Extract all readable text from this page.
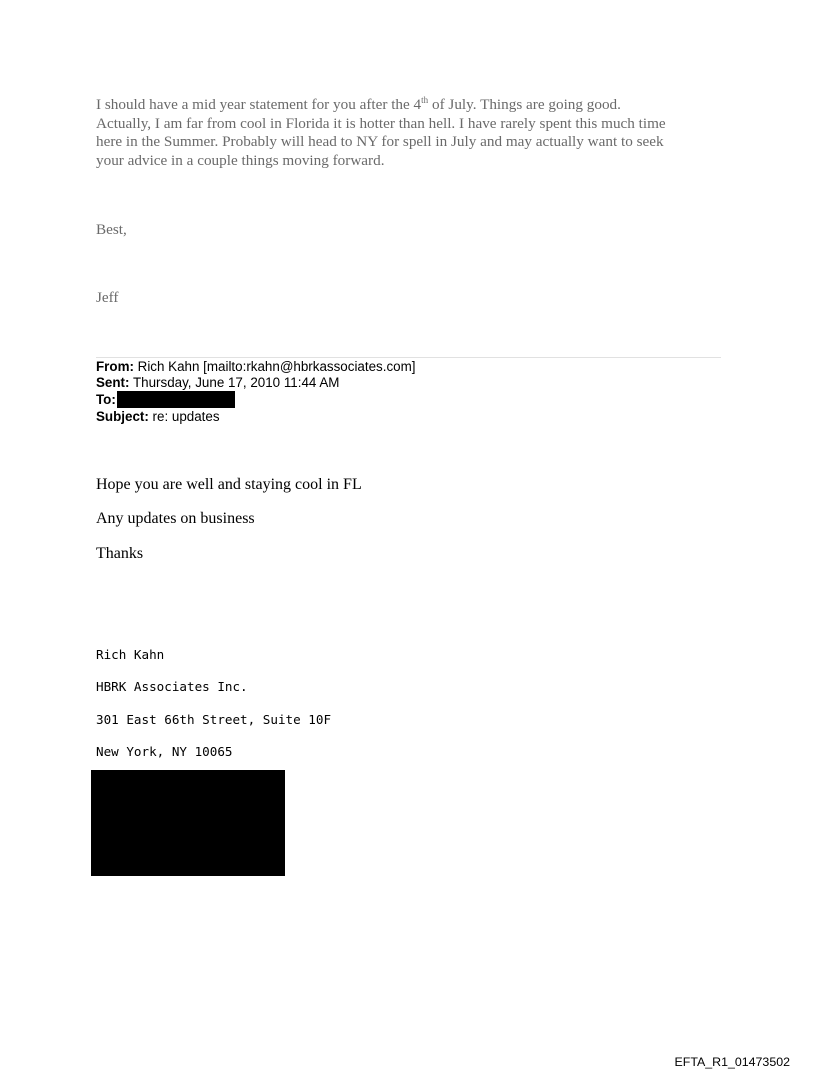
I should have a mid year statement for you after the 4th of July. Things are going good.

Actually, I am far from cool in Florida it is hotter than hell. I have rarely spent this much time

here in the Summer. Probably will head to NY for spell in July and may actually want to seek

your advice in a couple things moving forward.

Best,
Jeff
From: Rich Kahn [mailto:rkahn@hbrkassociates.com]
Sent: Thursday, June 17, 2010 11:44 AM
To:
Subject: re: updates
Hope you are well and staying cool in FL
Any updates on business
Thanks
Rich Kahn
HBRK Associates Inc.
301 East 66th Street, Suite 10F
New York, NY 10065
EFTA_R1_01473502
